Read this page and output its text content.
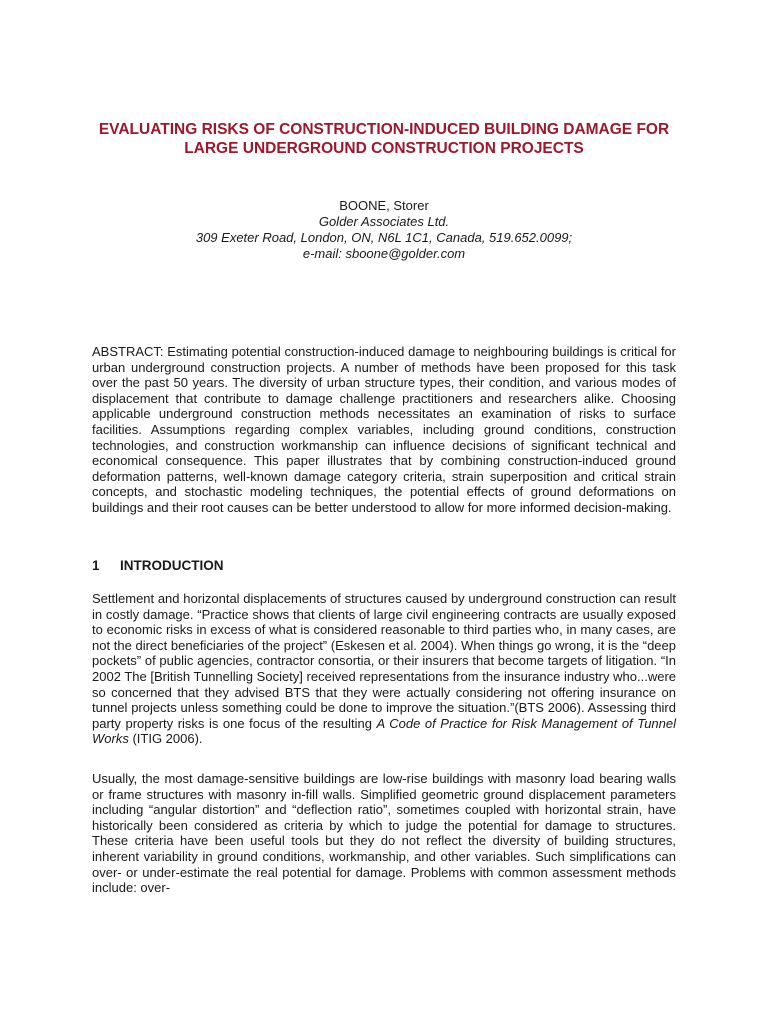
EVALUATING RISKS OF CONSTRUCTION-INDUCED BUILDING DAMAGE FOR LARGE UNDERGROUND CONSTRUCTION PROJECTS
BOONE, Storer
Golder Associates Ltd.
309 Exeter Road, London, ON, N6L 1C1, Canada, 519.652.0099;
e-mail: sboone@golder.com

ABSTRACT: Estimating potential construction-induced damage to neighbouring buildings is critical for urban underground construction projects. A number of methods have been proposed for this task over the past 50 years. The diversity of urban structure types, their condition, and various modes of displacement that contribute to damage challenge practitioners and researchers alike. Choosing applicable underground construction methods necessitates an examination of risks to surface facilities. Assumptions regarding complex variables, including ground conditions, construction technologies, and construction workmanship can influence decisions of significant technical and economical consequence. This paper illustrates that by combining construction-induced ground deformation patterns, well-known damage category criteria, strain superposition and critical strain concepts, and stochastic modeling techniques, the potential effects of ground deformations on buildings and their root causes can be better understood to allow for more informed decision-making.

1 INTRODUCTION

Settlement and horizontal displacements of structures caused by underground construction can result in costly damage. “Practice shows that clients of large civil engineering contracts are usually exposed to economic risks in excess of what is considered reasonable to third parties who, in many cases, are not the direct beneficiaries of the project” (Eskesen et al. 2004). When things go wrong, it is the “deep pockets” of public agencies, contractor consortia, or their insurers that become targets of litigation. “In 2002 The [British Tunnelling Society] received representations from the insurance industry who...were so concerned that they advised BTS that they were actually considering not offering insurance on tunnel projects unless something could be done to improve the situation.”(BTS 2006). Assessing third party property risks is one focus of the resulting A Code of Practice for Risk Management of Tunnel Works (ITIG 2006).

Usually, the most damage-sensitive buildings are low-rise buildings with masonry load bearing walls or frame structures with masonry in-fill walls. Simplified geometric ground displacement parameters including “angular distortion” and “deflection ratio”, sometimes coupled with horizontal strain, have historically been considered as criteria by which to judge the potential for damage to structures. These criteria have been useful tools but they do not reflect the diversity of building structures, inherent variability in ground conditions, workmanship, and other variables. Such simplifications can over- or under-estimate the real potential for damage. Problems with common assessment methods include: over-
